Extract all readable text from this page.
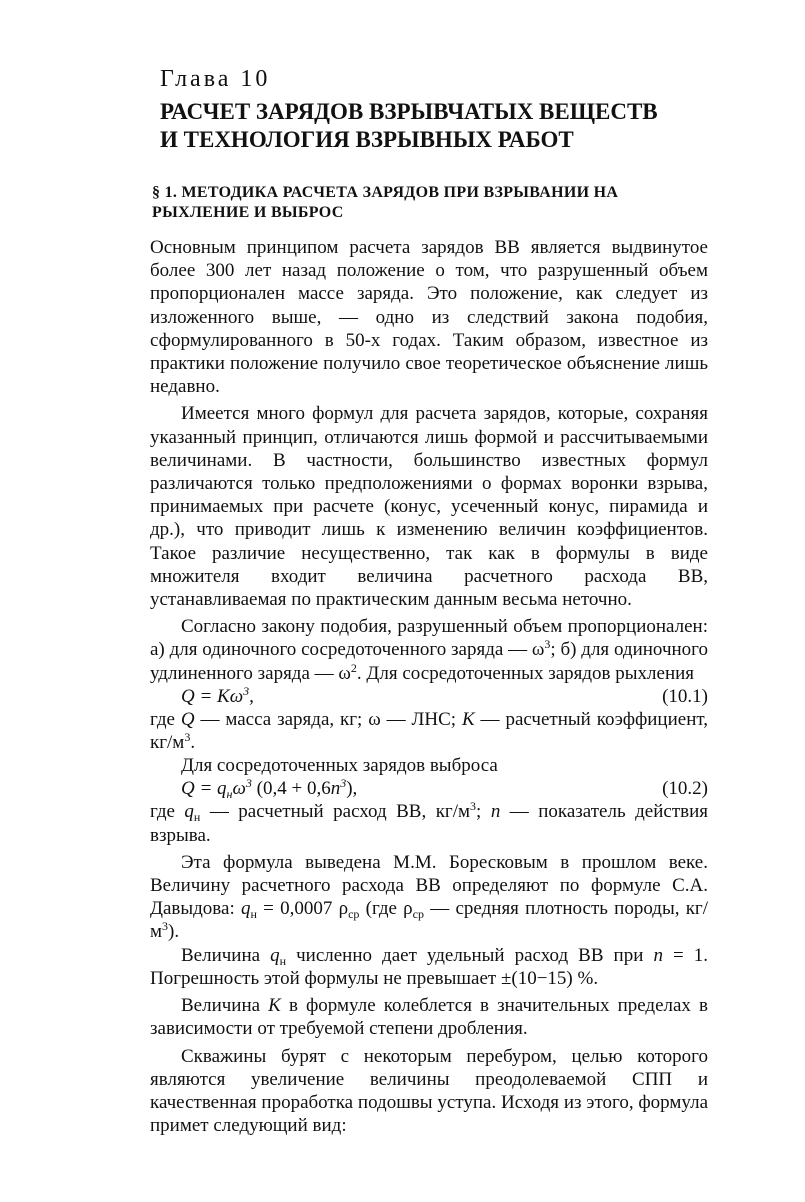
Глава 10
РАСЧЕТ ЗАРЯДОВ ВЗРЫВЧАТЫХ ВЕЩЕСТВ
И ТЕХНОЛОГИЯ ВЗРЫВНЫХ РАБОТ
§ 1. МЕТОДИКА РАСЧЕТА ЗАРЯДОВ ПРИ ВЗРЫВАНИИ НА
РЫХЛЕНИЕ И ВЫБРОС

Основным принципом расчета зарядов ВВ является выдвинутое более 300 лет назад положение о том, что разрушенный объем пропорционален массе заряда. Это положение, как следует из изложенного выше, — одно из следствий закона подобия, сформулированного в 50-х годах. Таким образом, известное из практики положение получило свое теоретическое объяснение лишь недавно.

Имеется много формул для расчета зарядов, которые, сохраняя указанный принцип, отличаются лишь формой и рассчитываемыми величинами. В частности, большинство известных формул различаются только предположениями о формах воронки взрыва, принимаемых при расчете (конус, усеченный конус, пирамида и др.), что приводит лишь к изменению величин коэффициентов. Такое различие несущественно, так как в формулы в виде множителя входит величина расчетного расхода ВВ, устанавливаемая по практическим данным весьма неточно.

Согласно закону подобия, разрушенный объем пропорционален: а) для одиночного сосредоточенного заряда — $\omega^3$; б) для одиночного удлиненного заряда — $\omega^2$. Для сосредоточенных зарядов рыхления

$Q = K\omega^3$,	(10.1)

где Q — масса заряда, кг; ω — ЛНС; K — расчетный коэффициент, $кг/м^3$.

Для сосредоточенных зарядов выброса

$Q = q_н\omega^3$ $(0,4 + 0,6n^3)$,	(10.2)

где $q_н$ — расчетный расход ВВ, $кг/м^3$; n — показатель действия взрыва.

Эта формула выведена М.М. Боресковым в прошлом веке. Величину расчетного расхода ВВ определяют по формуле С.А. Давыдова: $q_н = 0,0007$ $\rho_{ср}$ (где $\rho_{ср}$ — средняя плотность породы, $кг/м^3$).

Величина $q_н$ численно дает удельный расход ВВ при n = 1. Погрешность этой формулы не превышает ±(10−15) %.

Величина K в формуле колеблется в значительных пределах в зависимости от требуемой степени дробления.

Скважины бурят с некоторым перебуром, целью которого являются увеличение величины преодолеваемой СПП и качественная проработка подошвы уступа. Исходя из этого, формула примет следующий вид:
